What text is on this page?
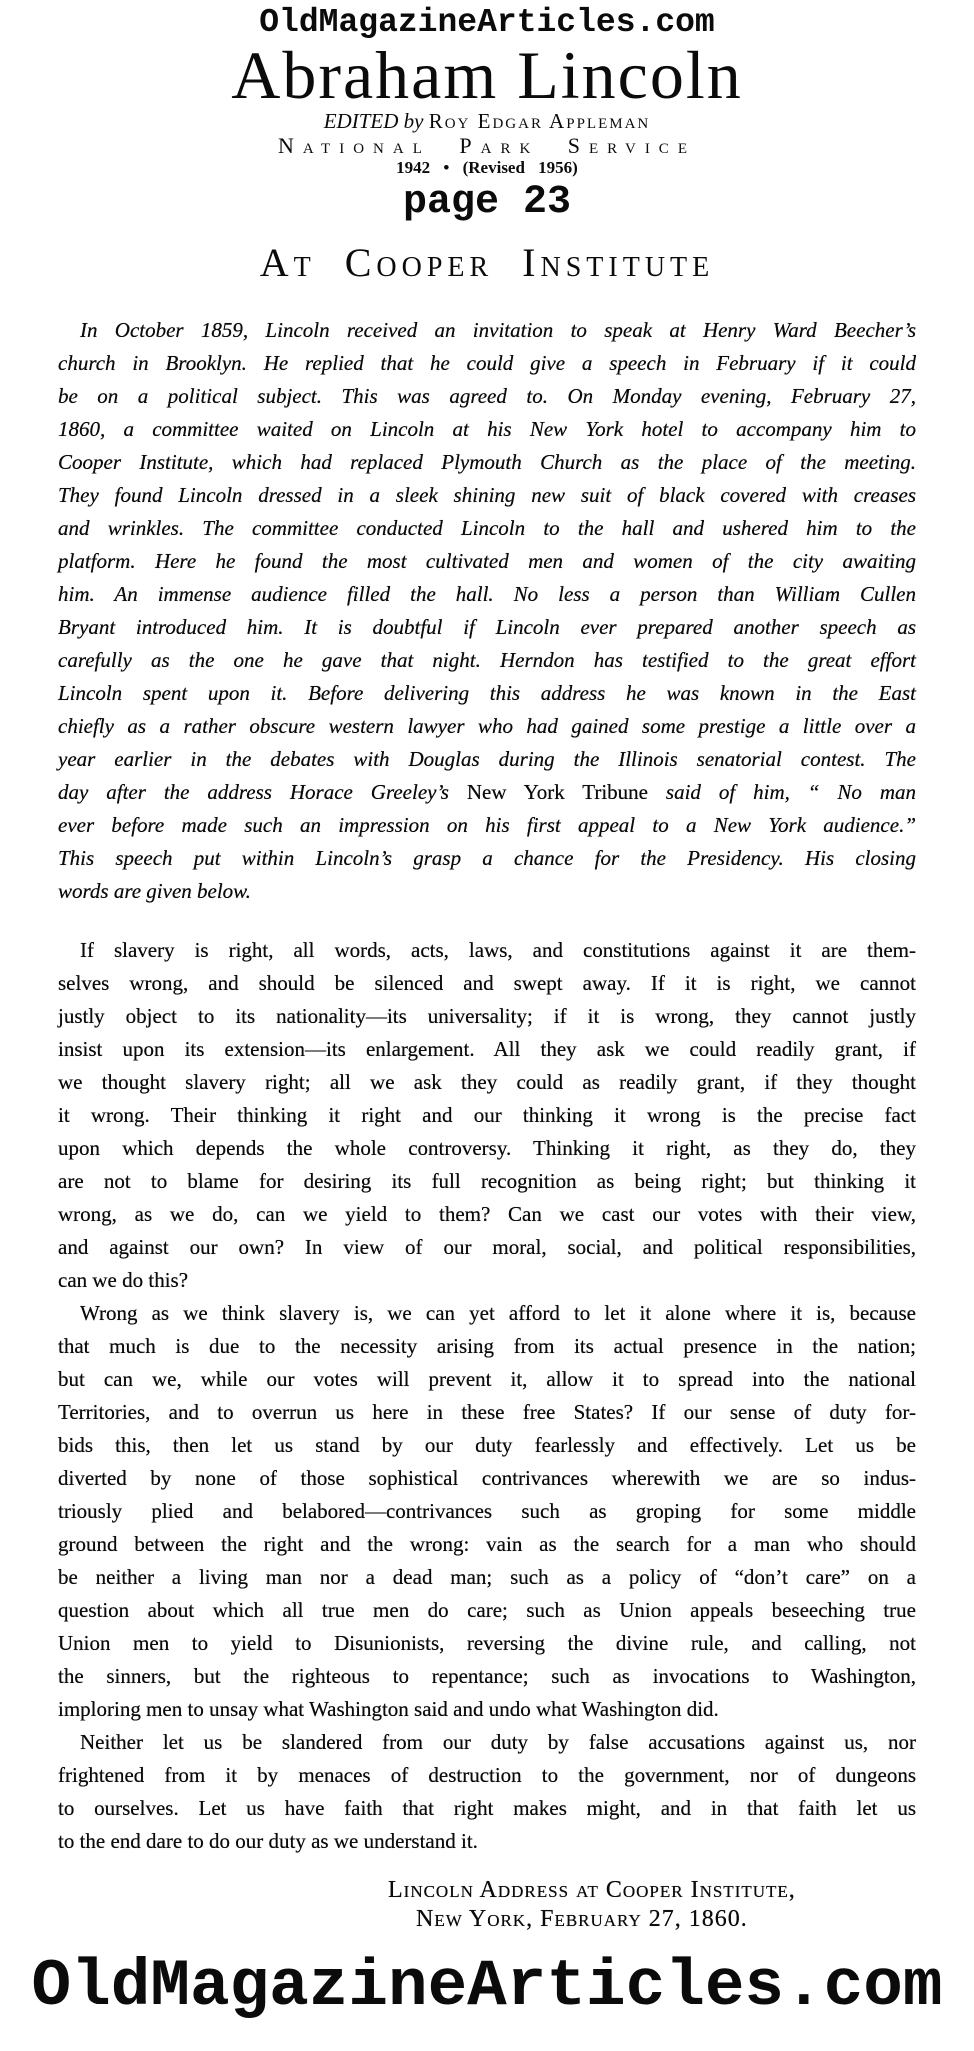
OldMagazineArticles.com
Abraham Lincoln
EDITED by Roy Edgar Appleman
National Park Service
1942 • (Revised 1956)
page 23
At Cooper Institute
In October 1859, Lincoln received an invitation to speak at Henry Ward Beecher’s
church in Brooklyn. He replied that he could give a speech in February if it could
be on a political subject. This was agreed to. On Monday evening, February 27,
1860, a committee waited on Lincoln at his New York hotel to accompany him to
Cooper Institute, which had replaced Plymouth Church as the place of the meeting.
They found Lincoln dressed in a sleek shining new suit of black covered with creases
and wrinkles. The committee conducted Lincoln to the hall and ushered him to the
platform. Here he found the most cultivated men and women of the city awaiting
him. An immense audience filled the hall. No less a person than William Cullen
Bryant introduced him. It is doubtful if Lincoln ever prepared another speech as
carefully as the one he gave that night. Herndon has testified to the great effort
Lincoln spent upon it. Before delivering this address he was known in the East
chiefly as a rather obscure western lawyer who had gained some prestige a little over a
year earlier in the debates with Douglas during the Illinois senatorial contest. The
day after the address Horace Greeley’s New York Tribune said of him, “ No man
ever before made such an impression on his first appeal to a New York audience.”
This speech put within Lincoln’s grasp a chance for the Presidency. His closing
words are given below.
If slavery is right, all words, acts, laws, and constitutions against it are them-
selves wrong, and should be silenced and swept away. If it is right, we cannot
justly object to its nationality—its universality; if it is wrong, they cannot justly
insist upon its extension—its enlargement. All they ask we could readily grant, if
we thought slavery right; all we ask they could as readily grant, if they thought
it wrong. Their thinking it right and our thinking it wrong is the precise fact
upon which depends the whole controversy. Thinking it right, as they do, they
are not to blame for desiring its full recognition as being right; but thinking it
wrong, as we do, can we yield to them? Can we cast our votes with their view,
and against our own? In view of our moral, social, and political responsibilities,
can we do this?
Wrong as we think slavery is, we can yet afford to let it alone where it is, because
that much is due to the necessity arising from its actual presence in the nation;
but can we, while our votes will prevent it, allow it to spread into the national
Territories, and to overrun us here in these free States? If our sense of duty for-
bids this, then let us stand by our duty fearlessly and effectively. Let us be
diverted by none of those sophistical contrivances wherewith we are so indus-
triously plied and belabored—contrivances such as groping for some middle
ground between the right and the wrong: vain as the search for a man who should
be neither a living man nor a dead man; such as a policy of “don’t care” on a
question about which all true men do care; such as Union appeals beseeching true
Union men to yield to Disunionists, reversing the divine rule, and calling, not
the sinners, but the righteous to repentance; such as invocations to Washington,
imploring men to unsay what Washington said and undo what Washington did.
Neither let us be slandered from our duty by false accusations against us, nor
frightened from it by menaces of destruction to the government, nor of dungeons
to ourselves. Let us have faith that right makes might, and in that faith let us
to the end dare to do our duty as we understand it.
Lincoln Address at Cooper Institute,
New York, February 27, 1860.
OldMagazineArticles.com
